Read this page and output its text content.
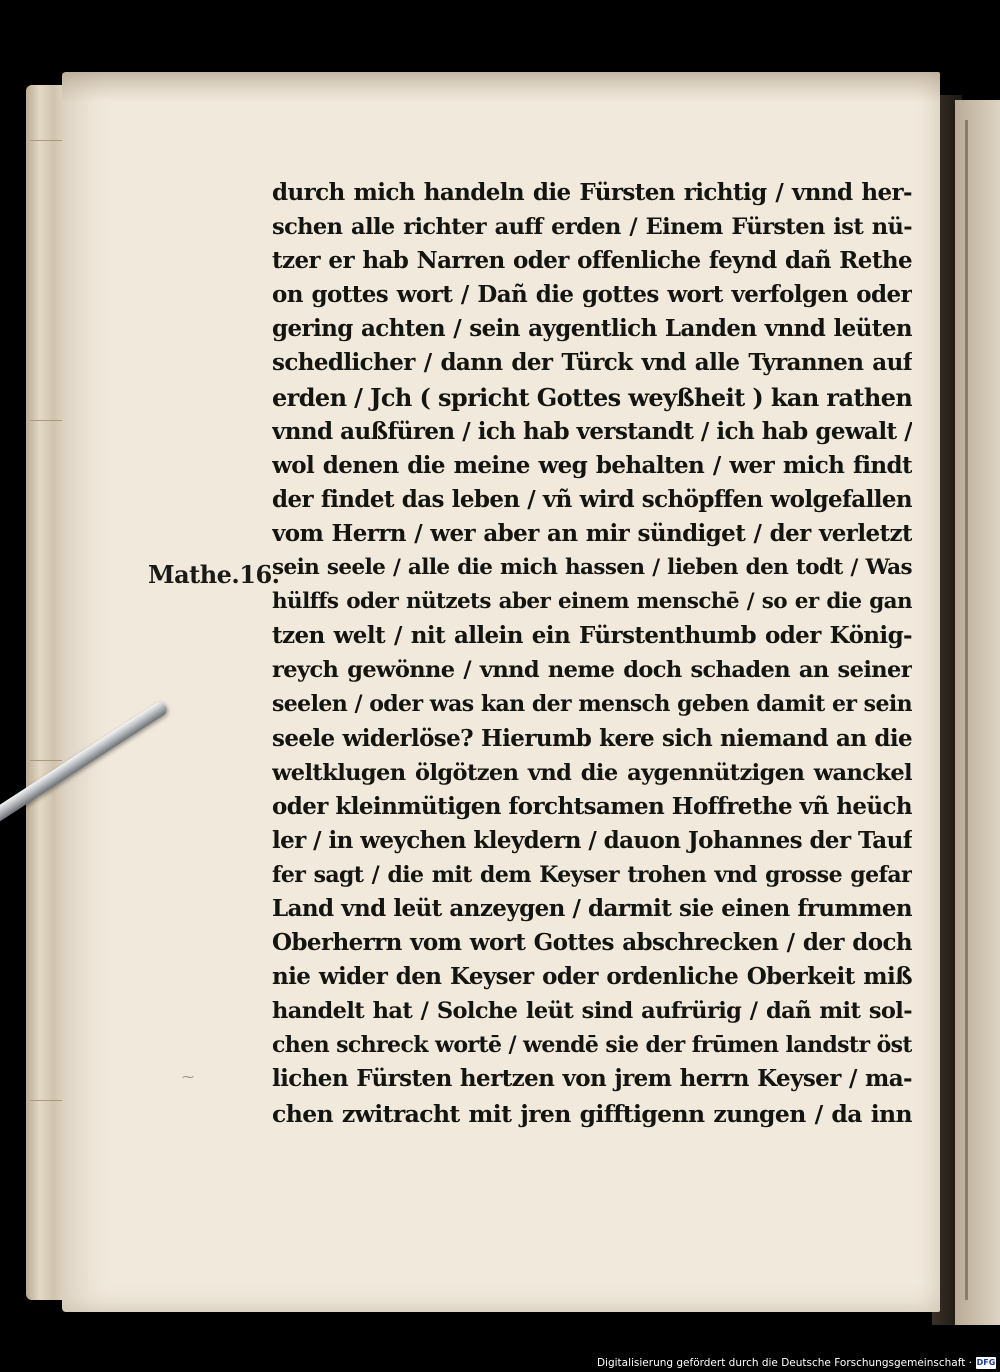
Mathe.16.
⁓
durch mich handeln die Fürsten richtig / vnnd her-
schen alle richter auff erden / Einem Fürsten ist nü-
tzer er hab Narren oder offenliche feynd dañ Rethe
on gottes wort / Dañ die gottes wort verfolgen oder
gering achten / sein aygentlich Landen vnnd leüten
schedlicher / dann der Türck vnd alle Tyrannen auf
erden / Jch ( spricht Gottes weyßheit ) kan rathen
vnnd außfüren / ich hab verstandt / ich hab gewalt /
wol denen die meine weg behalten / wer mich findt
der findet das leben / vñ wird schöpffen wolgefallen
vom Herrn / wer aber an mir sündiget / der verletzt
sein seele / alle die mich hassen / lieben den todt / Was
hülffs oder nützets aber einem menschē / so er die gan
tzen welt / nit allein ein Fürstenthumb oder König-
reych gewönne / vnnd neme doch schaden an seiner
seelen / oder was kan der mensch geben damit er sein
seele widerlöse? Hierumb kere sich niemand an die
weltklugen ölgötzen vnd die aygennützigen wanckel
oder kleinmütigen forchtsamen Hoffrethe vñ heüch
ler / in weychen kleydern / dauon Johannes der Tauf
fer sagt / die mit dem Keyser trohen vnd grosse gefar
Land vnd leüt anzeygen / darmit sie einen frummen
Oberherrn vom wort Gottes abschrecken / der doch
nie wider den Keyser oder ordenliche Oberkeit miß
handelt hat / Solche leüt sind aufrürig / dañ mit sol-
chen schreck wortē / wendē sie der frūmen landstr öst
lichen Fürsten hertzen von jrem herrn Keyser / ma-
chen zwitracht mit jren gifftigenn zungen / da inn
Digitalisierung gefördert durch die Deutsche Forschungsgemeinschaft · DFG
